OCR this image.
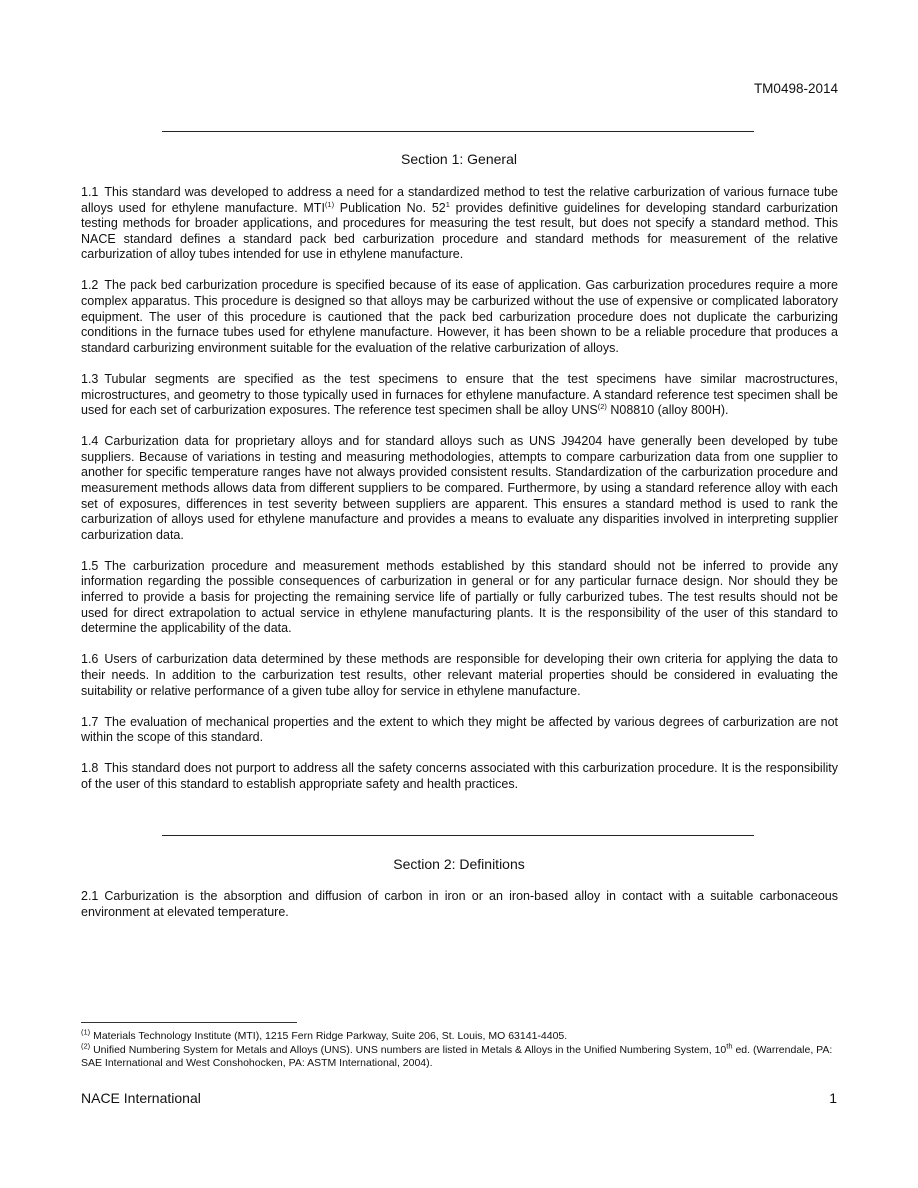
TM0498-2014
Section 1: General

1.1 This standard was developed to address a need for a standardized method to test the relative carburization of various furnace tube alloys used for ethylene manufacture. MTI$^{(1)}$ Publication No. $52^1$ provides definitive guidelines for developing standard carburization testing methods for broader applications, and procedures for measuring the test result, but does not specify a standard method. This NACE standard defines a standard pack bed carburization procedure and standard methods for measurement of the relative carburization of alloy tubes intended for use in ethylene manufacture.

1.2 The pack bed carburization procedure is specified because of its ease of application. Gas carburization procedures require a more complex apparatus. This procedure is designed so that alloys may be carburized without the use of expensive or complicated laboratory equipment. The user of this procedure is cautioned that the pack bed carburization procedure does not duplicate the carburizing conditions in the furnace tubes used for ethylene manufacture. However, it has been shown to be a reliable procedure that produces a standard carburizing environment suitable for the evaluation of the relative carburization of alloys.

1.3 Tubular segments are specified as the test specimens to ensure that the test specimens have similar macrostructures, microstructures, and geometry to those typically used in furnaces for ethylene manufacture. A standard reference test specimen shall be used for each set of carburization exposures. The reference test specimen shall be alloy UNS$^{(2)}$ N08810 (alloy 800H).

1.4 Carburization data for proprietary alloys and for standard alloys such as UNS J94204 have generally been developed by tube suppliers. Because of variations in testing and measuring methodologies, attempts to compare carburization data from one supplier to another for specific temperature ranges have not always provided consistent results. Standardization of the carburization procedure and measurement methods allows data from different suppliers to be compared. Furthermore, by using a standard reference alloy with each set of exposures, differences in test severity between suppliers are apparent. This ensures a standard method is used to rank the carburization of alloys used for ethylene manufacture and provides a means to evaluate any disparities involved in interpreting supplier carburization data.

1.5 The carburization procedure and measurement methods established by this standard should not be inferred to provide any information regarding the possible consequences of carburization in general or for any particular furnace design. Nor should they be inferred to provide a basis for projecting the remaining service life of partially or fully carburized tubes. The test results should not be used for direct extrapolation to actual service in ethylene manufacturing plants. It is the responsibility of the user of this standard to determine the applicability of the data.

1.6 Users of carburization data determined by these methods are responsible for developing their own criteria for applying the data to their needs. In addition to the carburization test results, other relevant material properties should be considered in evaluating the suitability or relative performance of a given tube alloy for service in ethylene manufacture.

1.7 The evaluation of mechanical properties and the extent to which they might be affected by various degrees of carburization are not within the scope of this standard.

1.8 This standard does not purport to address all the safety concerns associated with this carburization procedure. It is the responsibility of the user of this standard to establish appropriate safety and health practices.

Section 2: Definitions

2.1 Carburization is the absorption and diffusion of carbon in iron or an iron-based alloy in contact with a suitable carbonaceous environment at elevated temperature.

$^{(1)}$ Materials Technology Institute (MTI), 1215 Fern Ridge Parkway, Suite 206, St. Louis, MO 63141-4405.

$^{(2)}$ Unified Numbering System for Metals and Alloys (UNS). UNS numbers are listed in Metals & Alloys in the Unified Numbering System, 10th ed. (Warrendale, PA: SAE International and West Conshohocken, PA: ASTM International, 2004).

NACE International	1
